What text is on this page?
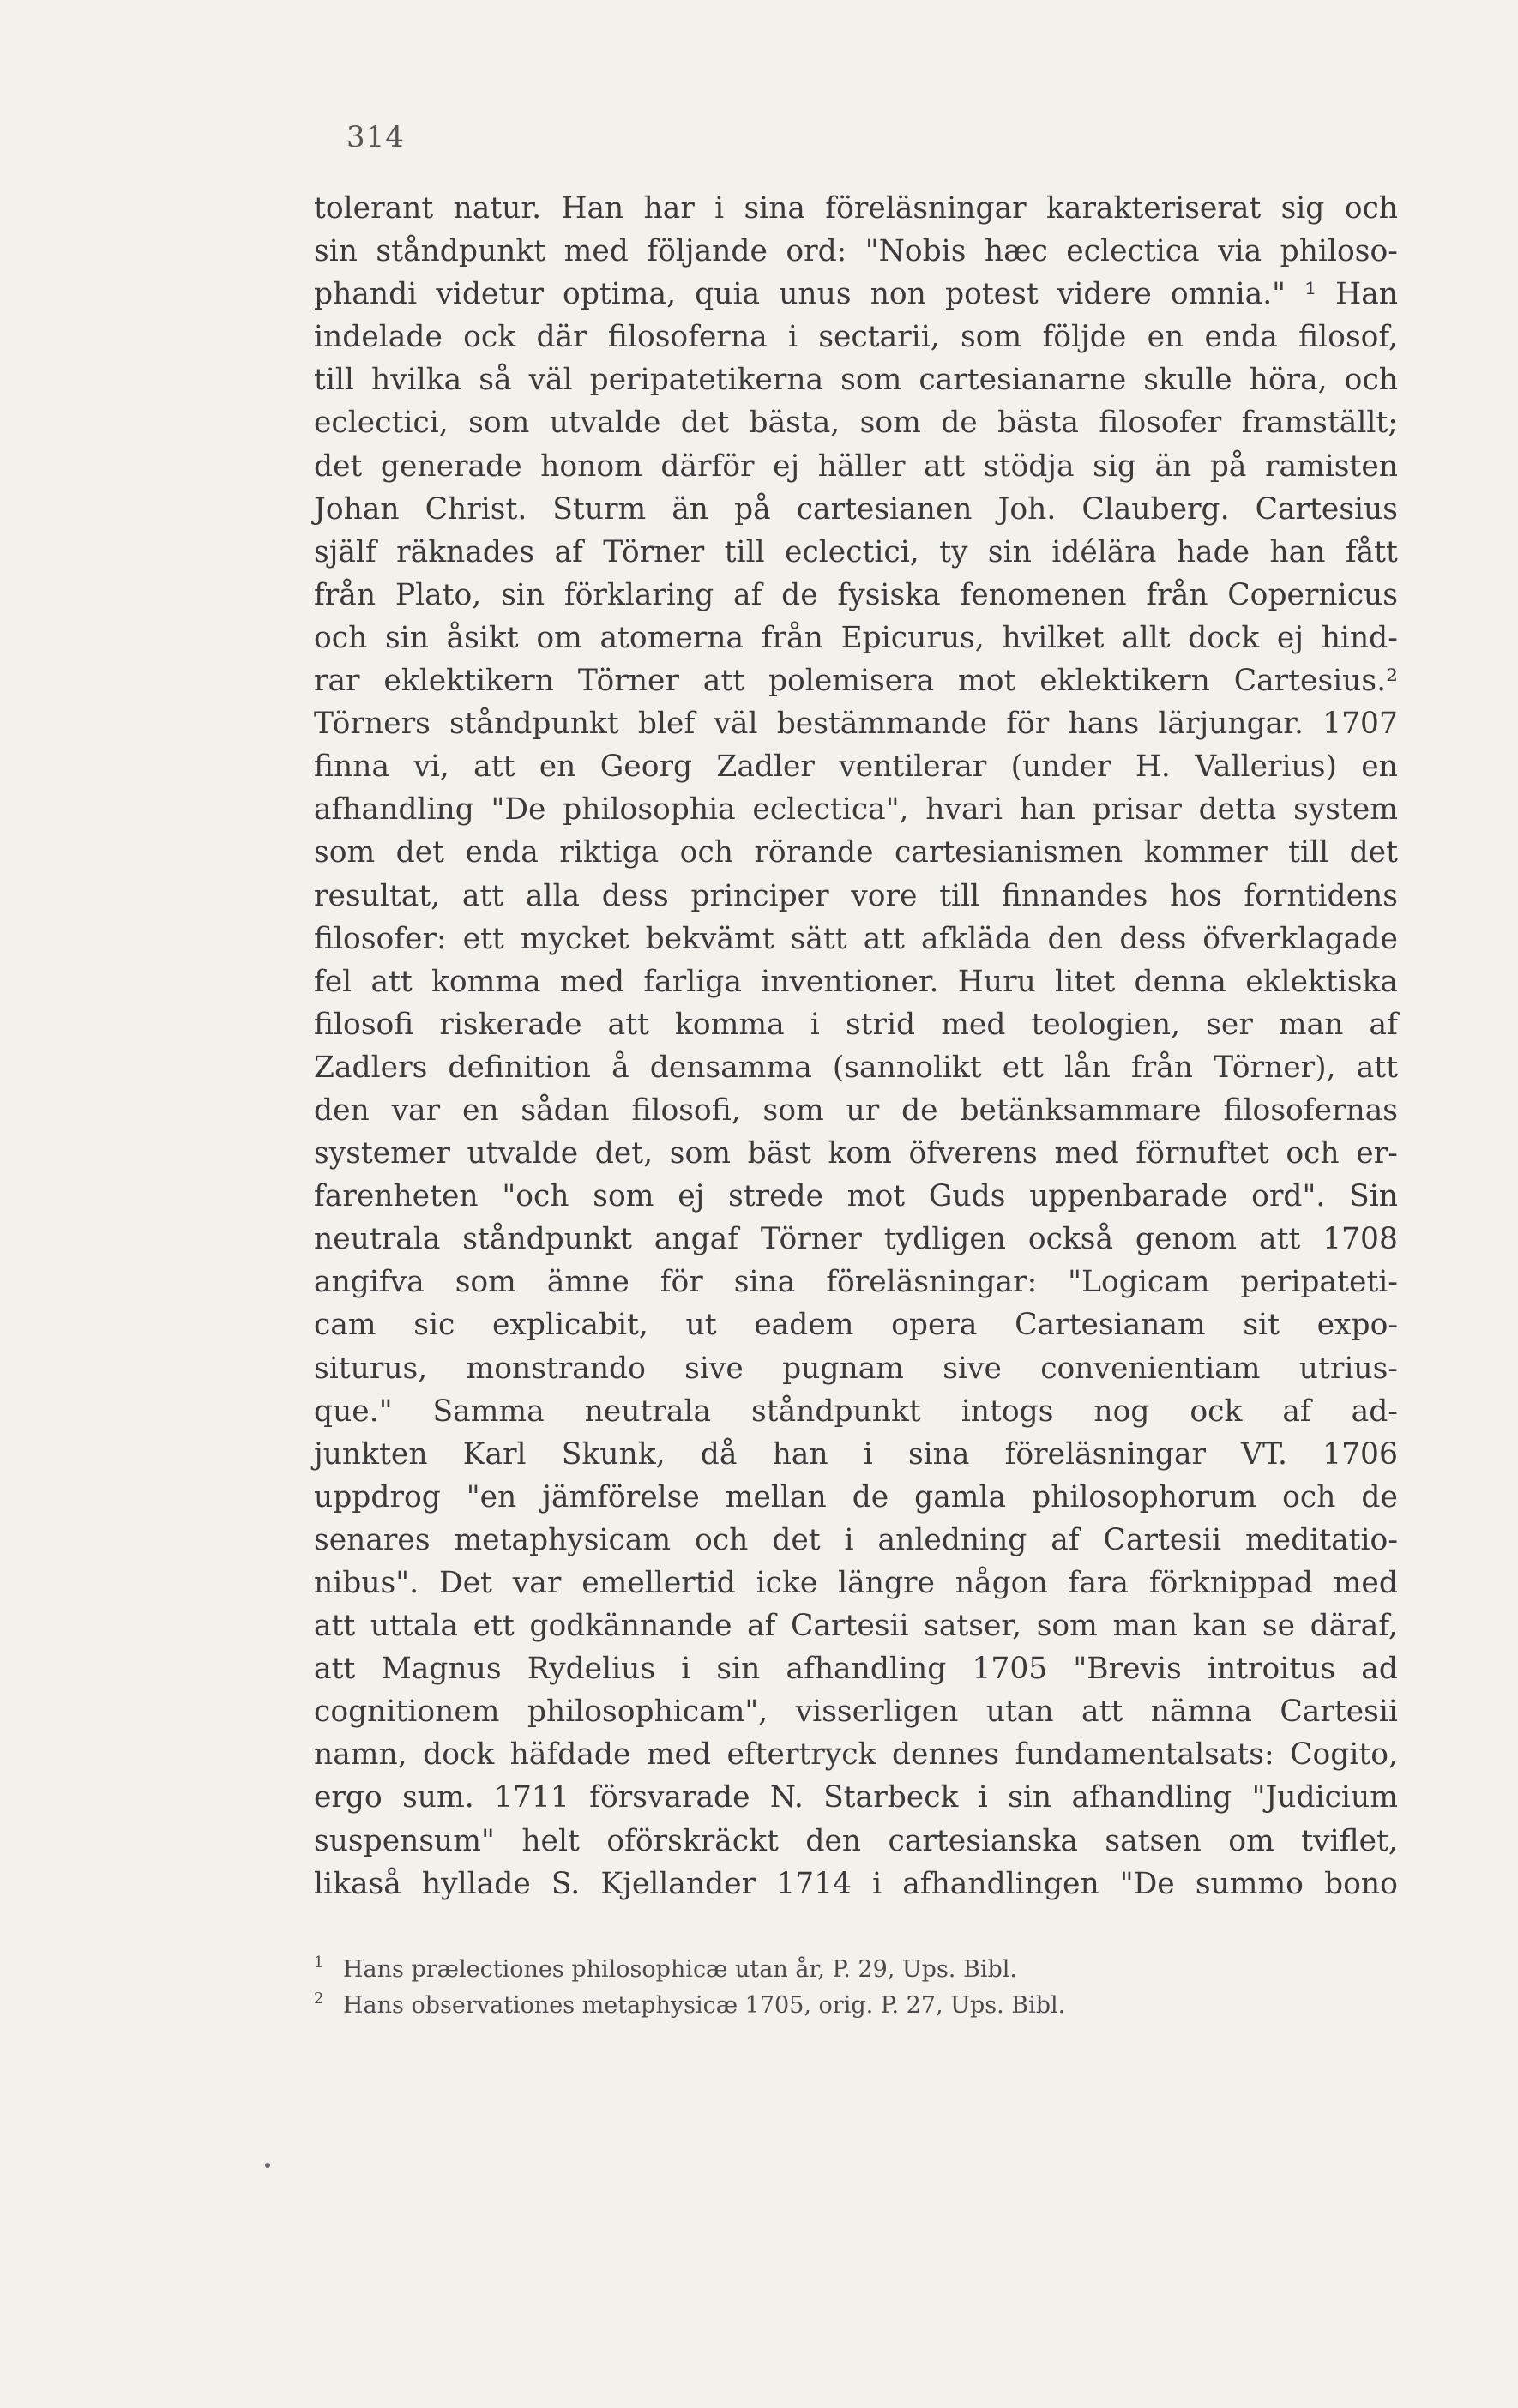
314
tolerant natur. Han har i sina föreläsningar karakteriserat sig och
sin ståndpunkt med följande ord: "Nobis hæc eclectica via philoso-
phandi videtur optima, quia unus non potest videre omnia." ¹ Han
indelade ock där filosoferna i sectarii, som följde en enda filosof,
till hvilka så väl peripatetikerna som cartesianarne skulle höra, och
eclectici, som utvalde det bästa, som de bästa filosofer framställt;
det generade honom därför ej häller att stödja sig än på ramisten
Johan Christ. Sturm än på cartesianen Joh. Clauberg. Cartesius
själf räknades af Törner till eclectici, ty sin idélära hade han fått
från Plato, sin förklaring af de fysiska fenomenen från Copernicus
och sin åsikt om atomerna från Epicurus, hvilket allt dock ej hind-
rar eklektikern Törner att polemisera mot eklektikern Cartesius.²
Törners ståndpunkt blef väl bestämmande för hans lärjungar. 1707
finna vi, att en Georg Zadler ventilerar (under H. Vallerius) en
afhandling "De philosophia eclectica", hvari han prisar detta system
som det enda riktiga och rörande cartesianismen kommer till det
resultat, att alla dess principer vore till finnandes hos forntidens
filosofer: ett mycket bekvämt sätt att afkläda den dess öfverklagade
fel att komma med farliga inventioner. Huru litet denna eklektiska
filosofi riskerade att komma i strid med teologien, ser man af
Zadlers definition å densamma (sannolikt ett lån från Törner), att
den var en sådan filosofi, som ur de betänksammare filosofernas
systemer utvalde det, som bäst kom öfverens med förnuftet och er-
farenheten "och som ej strede mot Guds uppenbarade ord". Sin
neutrala ståndpunkt angaf Törner tydligen också genom att 1708
angifva som ämne för sina föreläsningar: "Logicam peripateti-
cam sic explicabit, ut eadem opera Cartesianam sit expo-
siturus, monstrando sive pugnam sive convenientiam utrius-
que." Samma neutrala ståndpunkt intogs nog ock af ad-
junkten Karl Skunk, då han i sina föreläsningar VT. 1706
uppdrog "en jämförelse mellan de gamla philosophorum och de
senares metaphysicam och det i anledning af Cartesii meditatio-
nibus". Det var emellertid icke längre någon fara förknippad med
att uttala ett godkännande af Cartesii satser, som man kan se däraf,
att Magnus Rydelius i sin afhandling 1705 "Brevis introitus ad
cognitionem philosophicam", visserligen utan att nämna Cartesii
namn, dock häfdade med eftertryck dennes fundamentalsats: Cogito,
ergo sum. 1711 försvarade N. Starbeck i sin afhandling "Judicium
suspensum" helt oförskräckt den cartesianska satsen om tviflet,
likaså hyllade S. Kjellander 1714 i afhandlingen "De summo bono
1 Hans prælectiones philosophicæ utan år, P. 29, Ups. Bibl.
2 Hans observationes metaphysicæ 1705, orig. P. 27, Ups. Bibl.
